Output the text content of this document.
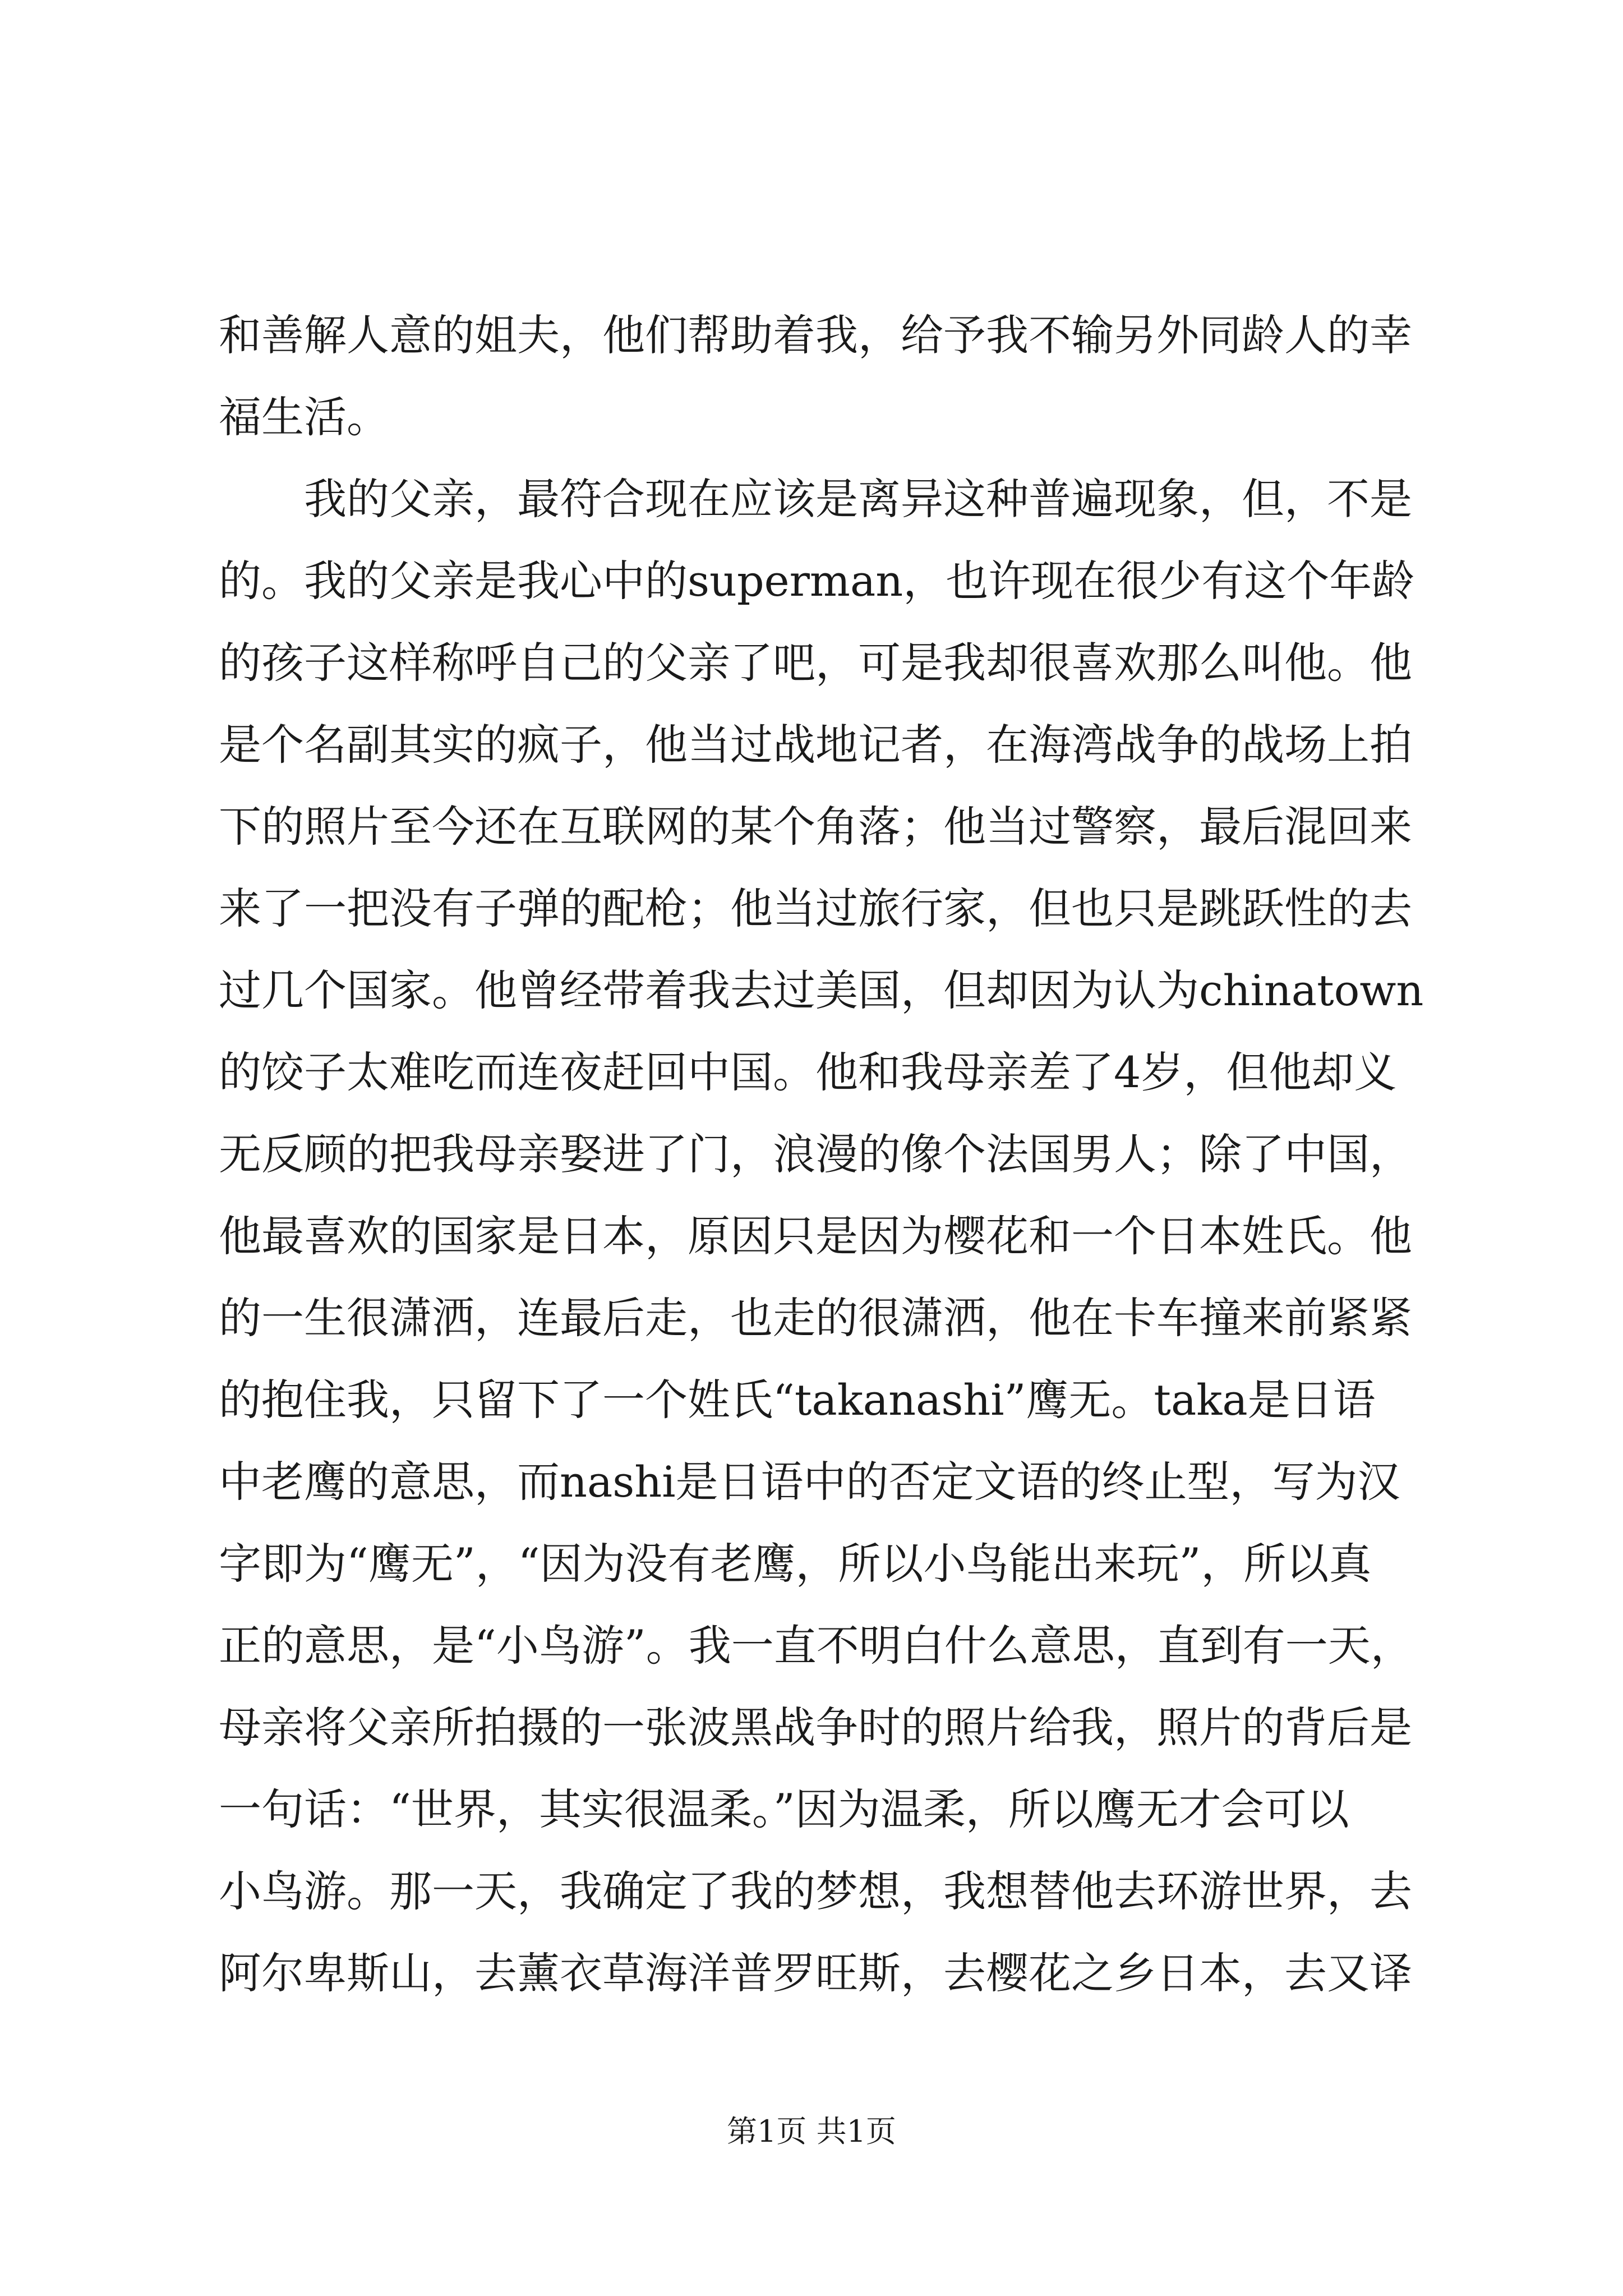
和善解人意的姐夫，他们帮助着我，给予我不输另外同龄人的幸
福生活。
我的父亲，最符合现在应该是离异这种普遍现象，但，不是
的。我的父亲是我心中的superman，也许现在很少有这个年龄
的孩子这样称呼自己的父亲了吧，可是我却很喜欢那么叫他。他
是个名副其实的疯子，他当过战地记者，在海湾战争的战场上拍
下的照片至今还在互联网的某个角落；他当过警察，最后混回来
来了一把没有子弹的配枪；他当过旅行家，但也只是跳跃性的去
过几个国家。他曾经带着我去过美国，但却因为认为chinatown
的饺子太难吃而连夜赶回中国。他和我母亲差了4岁，但他却义
无反顾的把我母亲娶进了门，浪漫的像个法国男人；除了中国，
他最喜欢的国家是日本，原因只是因为樱花和一个日本姓氏。他
的一生很潇洒，连最后走，也走的很潇洒，他在卡车撞来前紧紧
的抱住我，只留下了一个姓氏“takanashi”鹰无。taka是日语
中老鹰的意思，而nashi是日语中的否定文语的终止型，写为汉
字即为“鹰无”，“因为没有老鹰，所以小鸟能出来玩”，所以真
正的意思，是“小鸟游”。我一直不明白什么意思，直到有一天，
母亲将父亲所拍摄的一张波黑战争时的照片给我，照片的背后是
一句话：“世界，其实很温柔。”因为温柔，所以鹰无才会可以
小鸟游。那一天，我确定了我的梦想，我想替他去环游世界，去
阿尔卑斯山，去薰衣草海洋普罗旺斯，去樱花之乡日本，去又译
第1页 共1页
